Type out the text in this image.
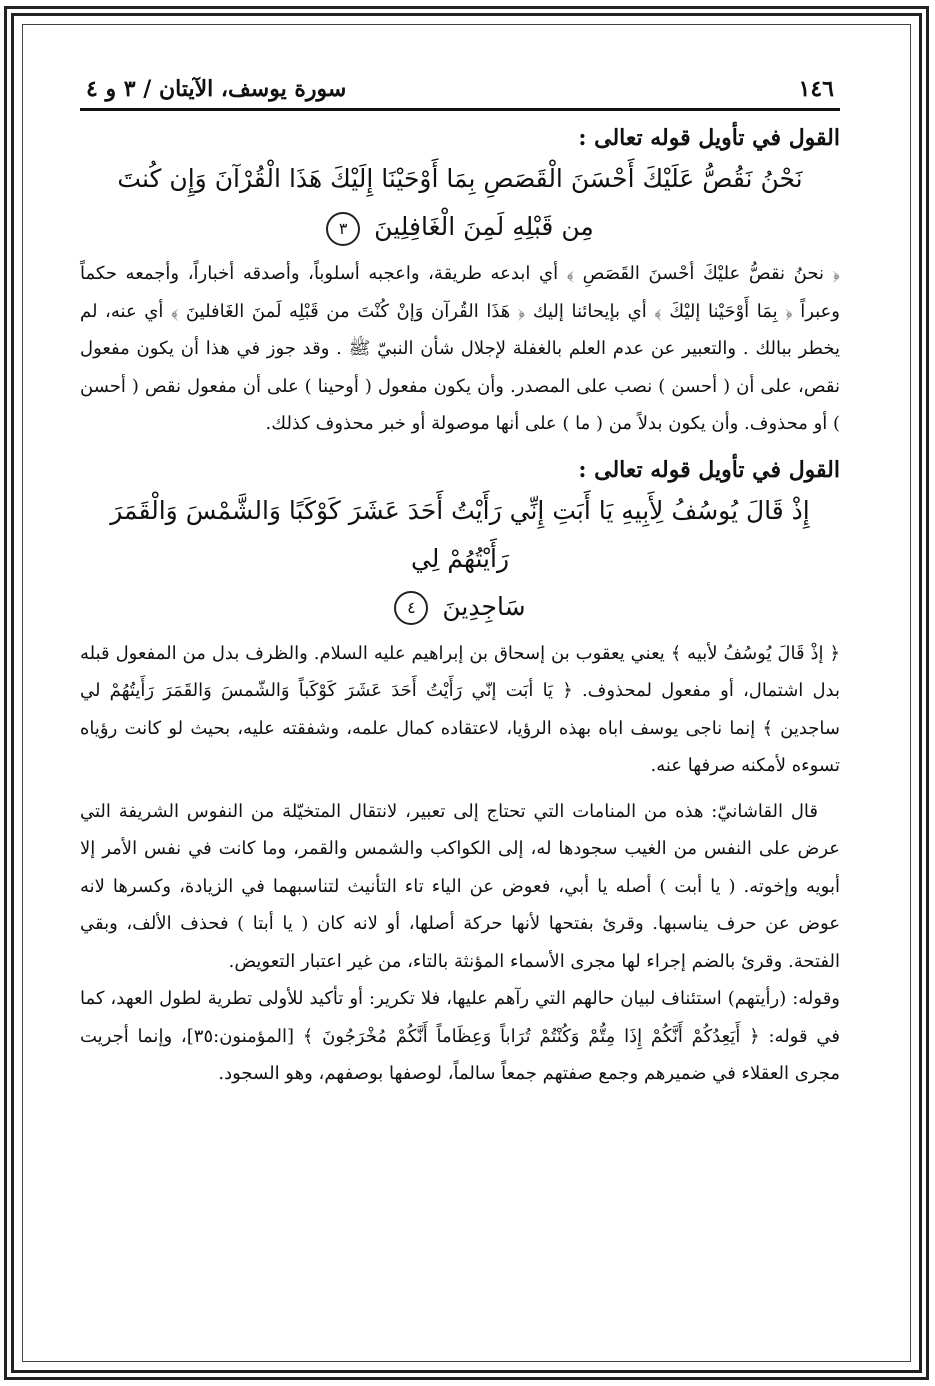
١٤٦
سورة يوسف، الآيتان / ٣ و ٤
القول في تأويل قوله تعالى :
نَحْنُ نَقُصُّ عَلَيْكَ أَحْسَنَ الْقَصَصِ بِمَا أَوْحَيْنَا إِلَيْكَ هَذَا الْقُرْآنَ وَإِن كُنتَ
مِن قَبْلِهِ لَمِنَ الْغَافِلِينَ ٣

﴿ نحنُ نقصُّ عليْكَ أحْسنَ القَصَصِ ﴾ أي ابدعه طريقة، واعجبه أسلوباً، وأصدقه أخباراً، وأجمعه حكماً وعبراً ﴿ بِمَا أَوْحَيْنا إليْكَ ﴾ أي بإيحائنا إليك ﴿ هَذَا القُرآن وَإنْ كُنْتَ من قَبْلِه لَمنَ الغَافلينَ ﴾ أي عنه، لم يخطر ببالك . والتعبير عن عدم العلم بالغفلة لإجلال شأن النبيّ ﷺ . وقد جوز في هذا أن يكون مفعول نقص، على أن ( أحسن ) نصب على المصدر. وأن يكون مفعول ( أوحينا ) على أن مفعول نقص ( أحسن ) أو محذوف. وأن يكون بدلاً من ( ما ) على أنها موصولة أو خبر محذوف كذلك.

القول في تأويل قوله تعالى :
إِذْ قَالَ يُوسُفُ لِأَبِيهِ يَا أَبَتِ إِنِّي رَأَيْتُ أَحَدَ عَشَرَ كَوْكَبًا وَالشَّمْسَ وَالْقَمَرَ رَأَيْتُهُمْ لِي
سَاجِدِينَ ٤

﴿ إذْ قَالَ يُوسُفُ لأبيه ﴾ يعني يعقوب بن إسحاق بن إبراهيم عليه السلام. والظرف بدل من المفعول قبله بدل اشتمال، أو مفعول لمحذوف. ﴿ يَا أبَت إنّي رَأَيْتُ أَحَدَ عَشَرَ كَوْكَباً وَالشّمسَ وَالقَمَرَ رَأَيتُهُمْ لي ساجدين ﴾ إنما ناجى يوسف اباه بهذه الرؤيا، لاعتقاده كمال علمه، وشفقته عليه، بحيث لو كانت رؤياه تسوءه لأمكنه صرفها عنه.

قال القاشانيّ: هذه من المنامات التي تحتاج إلى تعبير، لانتقال المتخيّلة من النفوس الشريفة التي عرض على النفس من الغيب سجودها له، إلى الكواكب والشمس والقمر، وما كانت في نفس الأمر إلا أبويه وإخوته. ( يا أبت ) أصله يا أبي، فعوض عن الياء تاء التأنيث لتناسبهما في الزيادة، وكسرها لانه عوض عن حرف يناسبها. وقرئ بفتحها لأنها حركة أصلها، أو لانه كان ( يا أبتا ) فحذف الألف، وبقي الفتحة. وقرئ بالضم إجراء لها مجرى الأسماء المؤنثة بالتاء، من غير اعتبار التعويض.

وقوله: (رأيتهم) استئناف لبيان حالهم التي رآهم عليها، فلا تكرير: أو تأكيد للأولى تطرية لطول العهد، كما في قوله: ﴿ أَيَعِدُكُمْ أَنَّكُمْ إِذَا مِتُّمْ وَكُنْتُمْ تُرَاباً وَعِظَاماً أَنَّكُمْ مُخْرَجُونَ ﴾ [المؤمنون:٣٥]، وإنما أجريت مجرى العقلاء في ضميرهم وجمع صفتهم جمعاً سالماً، لوصفها بوصفهم، وهو السجود.
